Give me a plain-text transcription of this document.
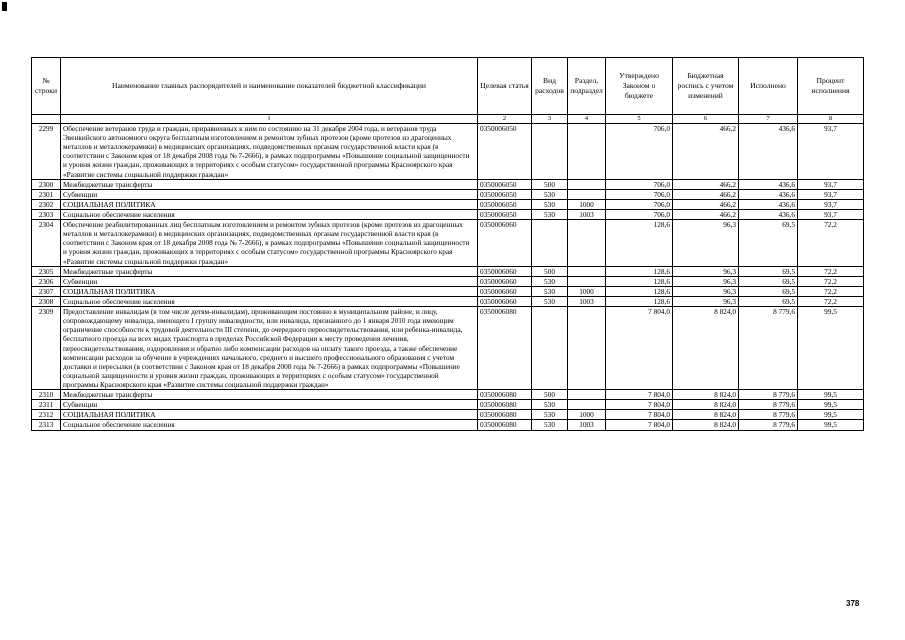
№ строки	Наименование главных распорядителей и наименование показателей бюджетной классификации	Целевая статья	Вид расходов	Раздел, подраздел	Утверждено Законом о бюджете	Бюджетная роспись с учетом изменений	Исполнено	Процент исполнения
	1	2	3	4	5	6	7	8
2299	Обеспечение ветеранов труда и граждан, приравненных к ним по состоянию на 31 декабря 2004 года, и ветеранов труда Эвенкийского автономного округа бесплатным изготовлением и ремонтом зубных протезов (кроме протезов из драгоценных металлов и металлокерамики) в медицинских организациях, подведомственных органам государственной власти края (в соответствии с Законом края от 18 декабря 2008 года № 7-2666), в рамках подпрограммы «Повышение социальной защищенности и уровня жизни граждан, проживающих в территориях с особым статусом» государственной программы Красноярского края «Развитие системы социальной поддержки граждан»	0350006050			706,0	466,2	436,6	93,7
2300	Межбюджетные трансферты	0350006050	500		706,0	466,2	436,6	93,7
2301	Субвенции	0350006050	530		706,0	466,2	436,6	93,7
2302	СОЦИАЛЬНАЯ ПОЛИТИКА	0350006050	530	1000	706,0	466,2	436,6	93,7
2303	Социальное обеспечение населения	0350006050	530	1003	706,0	466,2	436,6	93,7
2304	Обеспечение реабилитированных лиц бесплатным изготовлением и ремонтом зубных протезов (кроме протезов из драгоценных металлов и металлокерамики) в медицинских организациях, подведомственных органам государственной власти края (в соответствии с Законом края от 18 декабря 2008 года № 7-2666), в рамках подпрограммы «Повышение социальной защищенности и уровня жизни граждан, проживающих в территориях с особым статусом» государственной программы Красноярского края «Развитие системы социальной поддержки граждан»	0350006060			128,6	96,3	69,5	72,2
2305	Межбюджетные трансферты	0350006060	500		128,6	96,3	69,5	72,2
2306	Субвенции	0350006060	530		128,6	96,3	69,5	72,2
2307	СОЦИАЛЬНАЯ ПОЛИТИКА	0350006060	530	1000	128,6	96,3	69,5	72,2
2308	Социальное обеспечение населения	0350006060	530	1003	128,6	96,3	69,5	72,2
2309	Предоставление инвалидам (в том числе детям-инвалидам), проживающим постоянно в муниципальном районе, и лицу, сопровождающему инвалида, имеющего I группу инвалидности, или инвалида, признанного до 1 января 2010 года имеющим ограничение способности к трудовой деятельности III степени, до очередного переосвидетельствования, или ребенка-инвалида, бесплатного проезда на всех видах транспорта в пределах Российской Федерации к месту проведения лечения, переосвидетельствования, оздоровления и обратно либо компенсации расходов на оплату такого проезда, а также обеспечение компенсации расходов за обучение в учреждениях начального, среднего и высшего профессионального образования с учетом доставки и пересылки (в соответствии с Законом края от 18 декабря 2008 года № 7-2666) в рамках подпрограммы «Повышение социальной защищенности и уровня жизни граждан, проживающих в территориях с особым статусом» государственной программы Красноярского края «Развитие системы социальной поддержки граждан»	0350006080			7 804,0	8 824,0	8 779,6	99,5
2310	Межбюджетные трансферты	0350006080	500		7 804,0	8 824,0	8 779,6	99,5
2311	Субвенции	0350006080	530		7 804,0	8 824,0	8 779,6	99,5
2312	СОЦИАЛЬНАЯ ПОЛИТИКА	0350006080	530	1000	7 804,0	8 824,0	8 779,6	99,5
2313	Социальное обеспечение населения	0350006080	530	1003	7 804,0	8 824,0	8 779,6	99,5
378
